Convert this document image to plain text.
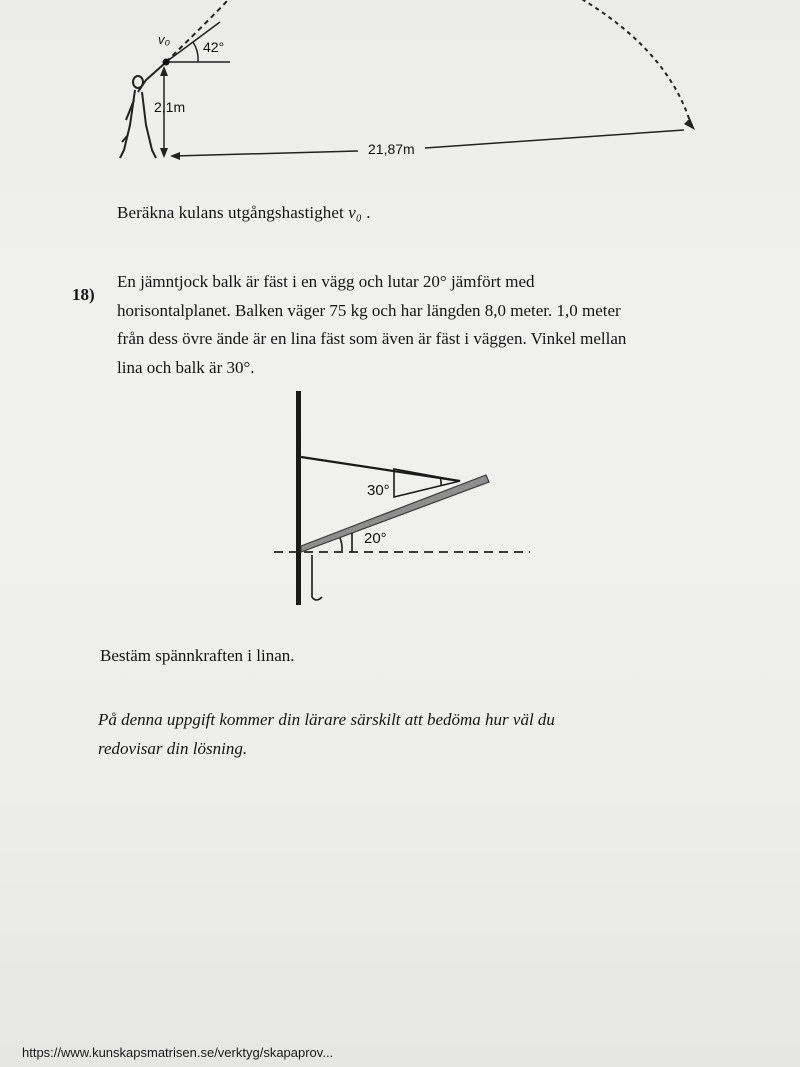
42°
v₀
2,1m
21,87m
Beräkna kulans utgångshastighet v₀ .
18)

En jämntjock balk är fäst i en vägg och lutar 20° jämfört med

horisontalplanet. Balken väger 75 kg och har längden 8,0 meter. 1,0 meter

från dess övre ände är en lina fäst som även är fäst i väggen. Vinkel mellan

lina och balk är 30°.

30°
20°
Bestäm spännkraften i linan.

På denna uppgift kommer din lärare särskilt att bedöma hur väl du

redovisar din lösning.

https://www.kunskapsmatrisen.se/verktyg/skapaprov...
